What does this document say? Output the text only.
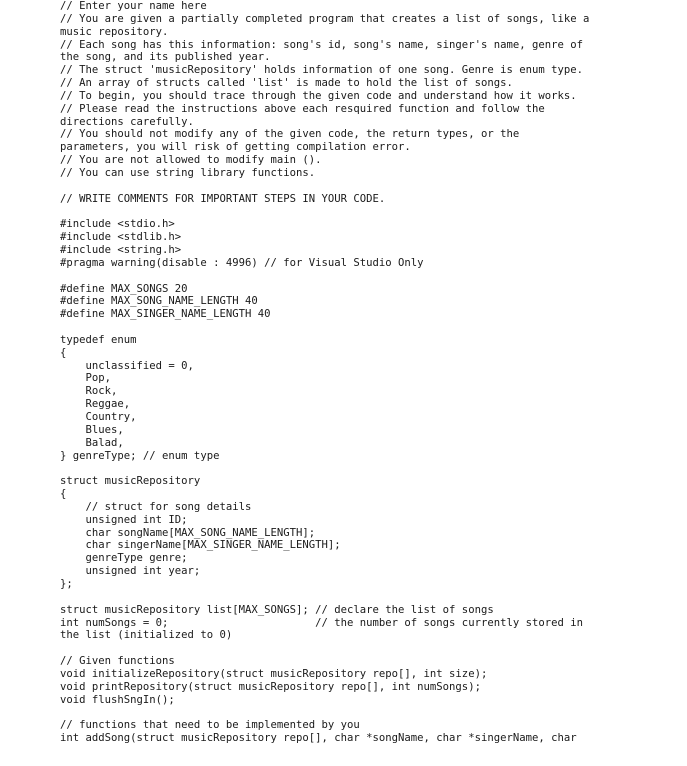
// Enter your name here
// You are given a partially completed program that creates a list of songs, like a
music repository.
// Each song has this information: song's id, song's name, singer's name, genre of
the song, and its published year.
// The struct 'musicRepository' holds information of one song. Genre is enum type.
// An array of structs called 'list' is made to hold the list of songs.
// To begin, you should trace through the given code and understand how it works.
// Please read the instructions above each resquired function and follow the
directions carefully.
// You should not modify any of the given code, the return types, or the
parameters, you will risk of getting compilation error.
// You are not allowed to modify main ().
// You can use string library functions.
// WRITE COMMENTS FOR IMPORTANT STEPS IN YOUR CODE.
#include <stdio.h>
#include <stdlib.h>
#include <string.h>
#pragma warning(disable : 4996) // for Visual Studio Only
#define MAX_SONGS 20
#define MAX_SONG_NAME_LENGTH 40
#define MAX_SINGER_NAME_LENGTH 40
typedef enum
{
unclassified = 0,
Pop,
Rock,
Reggae,
Country,
Blues,
Balad,
} genreType; // enum type
struct musicRepository
{
// struct for song details
unsigned int ID;
char songName[MAX_SONG_NAME_LENGTH];
char singerName[MAX_SINGER_NAME_LENGTH];
genreType genre;
unsigned int year;
};
struct musicRepository list[MAX_SONGS]; // declare the list of songs
int numSongs = 0;                       // the number of songs currently stored in
the list (initialized to 0)
// Given functions
void initializeRepository(struct musicRepository repo[], int size);
void printRepository(struct musicRepository repo[], int numSongs);
void flushSngIn();
// functions that need to be implemented by you
int addSong(struct musicRepository repo[], char *songName, char *singerName, char
